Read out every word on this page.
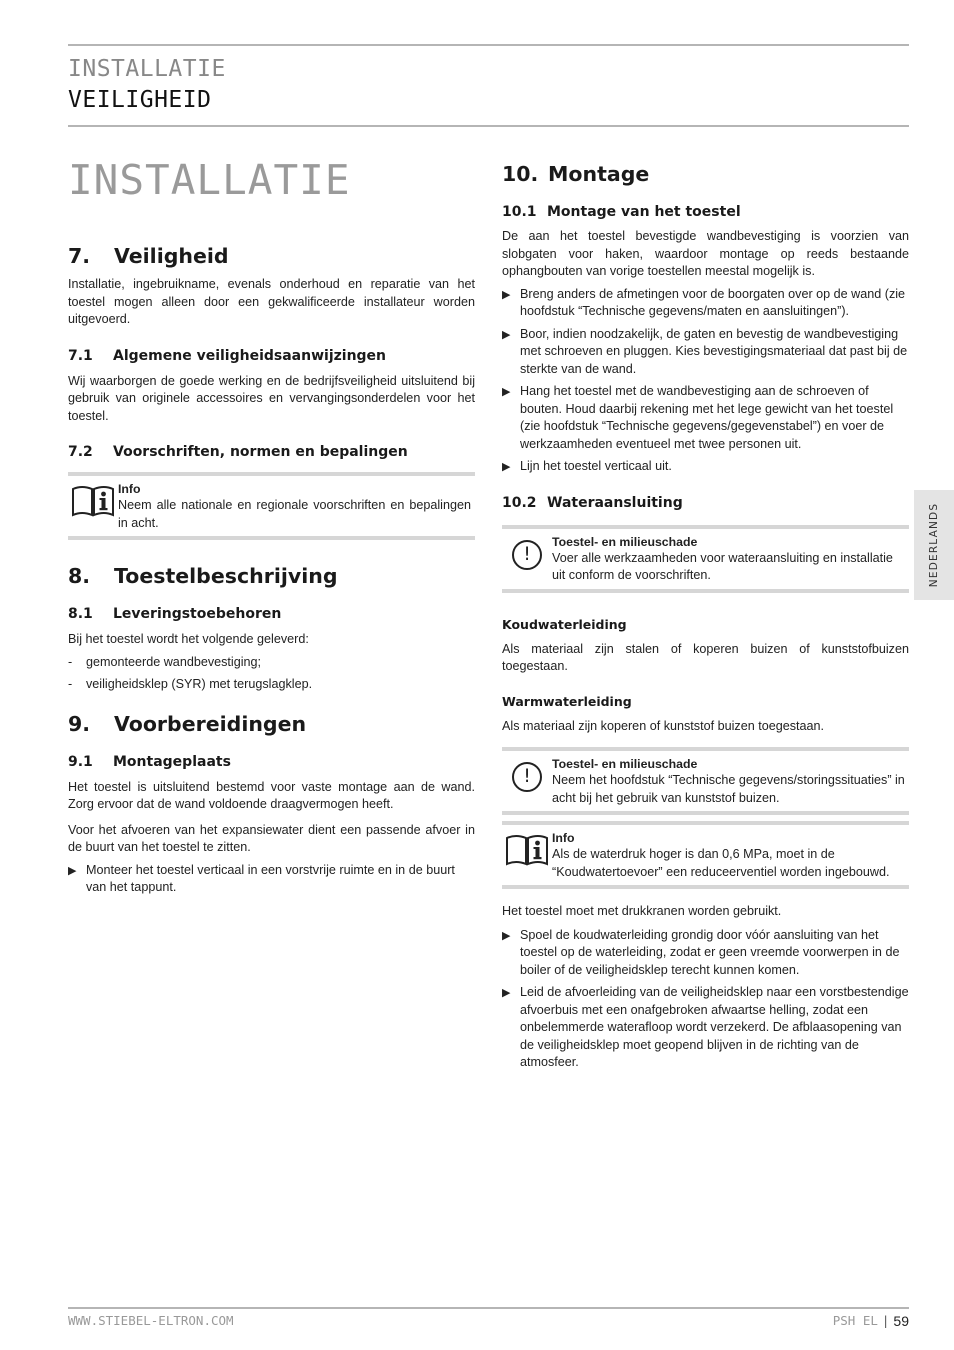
INSTALLATIE
VEILIGHEID
INSTALLATIE
7.	Veiligheid

Installatie, ingebruikname, evenals onderhoud en reparatie van het toestel mogen alleen door een gekwalificeerde installateur worden uitgevoerd.

7.1	Algemene veiligheidsaanwijzingen

Wij waarborgen de goede werking en de bedrijfsveiligheid uitsluitend bij gebruik van originele accessoires en vervangingsonderdelen voor het toestel.

7.2	Voorschriften, normen en bepalingen
Info
Neem alle nationale en regionale voorschriften en bepalingen in acht.
8.	Toestelbeschrijving
8.1	Leveringstoebehoren

Bij het toestel wordt het volgende geleverd:

-	gemonteerde wandbevestiging;
-	veiligheidsklep (SYR) met terugslagklep.
9.	Voorbereidingen
9.1	Montageplaats

Het toestel is uitsluitend bestemd voor vaste montage aan de wand. Zorg ervoor dat de wand voldoende draagvermogen heeft.

Voor het afvoeren van het expansiewater dient een passende afvoer in de buurt van het toestel te zitten.

▶ Monteer het toestel verticaal in een vorstvrije ruimte en in de buurt van het tappunt.
10. Montage
10.1 Montage van het toestel

De aan het toestel bevestigde wandbevestiging is voorzien van slobgaten voor haken, waardoor montage op reeds bestaande ophangbouten van vorige toestellen meestal mogelijk is.

▶ Breng anders de afmetingen voor de boorgaten over op de wand (zie hoofdstuk “Technische gegevens/maten en aansluitingen”).
▶ Boor, indien noodzakelijk, de gaten en bevestig de wandbevestiging met schroeven en pluggen. Kies bevestigingsmateriaal dat past bij de sterkte van de wand.
▶ Hang het toestel met de wandbevestiging aan de schroeven of bouten. Houd daarbij rekening met het lege gewicht van het toestel (zie hoofdstuk “Technische gegevens/gegevenstabel”) en voer de werkzaamheden eventueel met twee personen uit.
▶ Lijn het toestel verticaal uit.
10.2 Wateraansluiting
!
Toestel- en milieuschade
Voer alle werkzaamheden voor wateraansluiting en installatie uit conform de voorschriften.
Koudwaterleiding

Als materiaal zijn stalen of koperen buizen of kunststofbuizen toegestaan.

Warmwaterleiding

Als materiaal zijn koperen of kunststof buizen toegestaan.

!
Toestel- en milieuschade
Neem het hoofdstuk “Technische gegevens/storingssituaties” in acht bij het gebruik van kunststof buizen.
Info
Als de waterdruk hoger is dan 0,6 MPa, moet in de “Koudwatertoevoer” een reduceerventiel worden ingebouwd.

Het toestel moet met drukkranen worden gebruikt.

▶ Spoel de koudwaterleiding grondig door vóór aansluiting van het toestel op de waterleiding, zodat er geen vreemde voorwerpen in de boiler of de veiligheidsklep terecht kunnen komen.
▶ Leid de afvoerleiding van de veiligheidsklep naar een vorstbestendige afvoerbuis met een onafgebroken afwaartse helling, zodat een onbelemmerde waterafloop wordt verzekerd. De afblaasopening van de veiligheidsklep moet geopend blijven in de richting van de atmosfeer.
NEDERLANDS
WWW.STIEBEL-ELTRON.COM	PSH EL | 59
